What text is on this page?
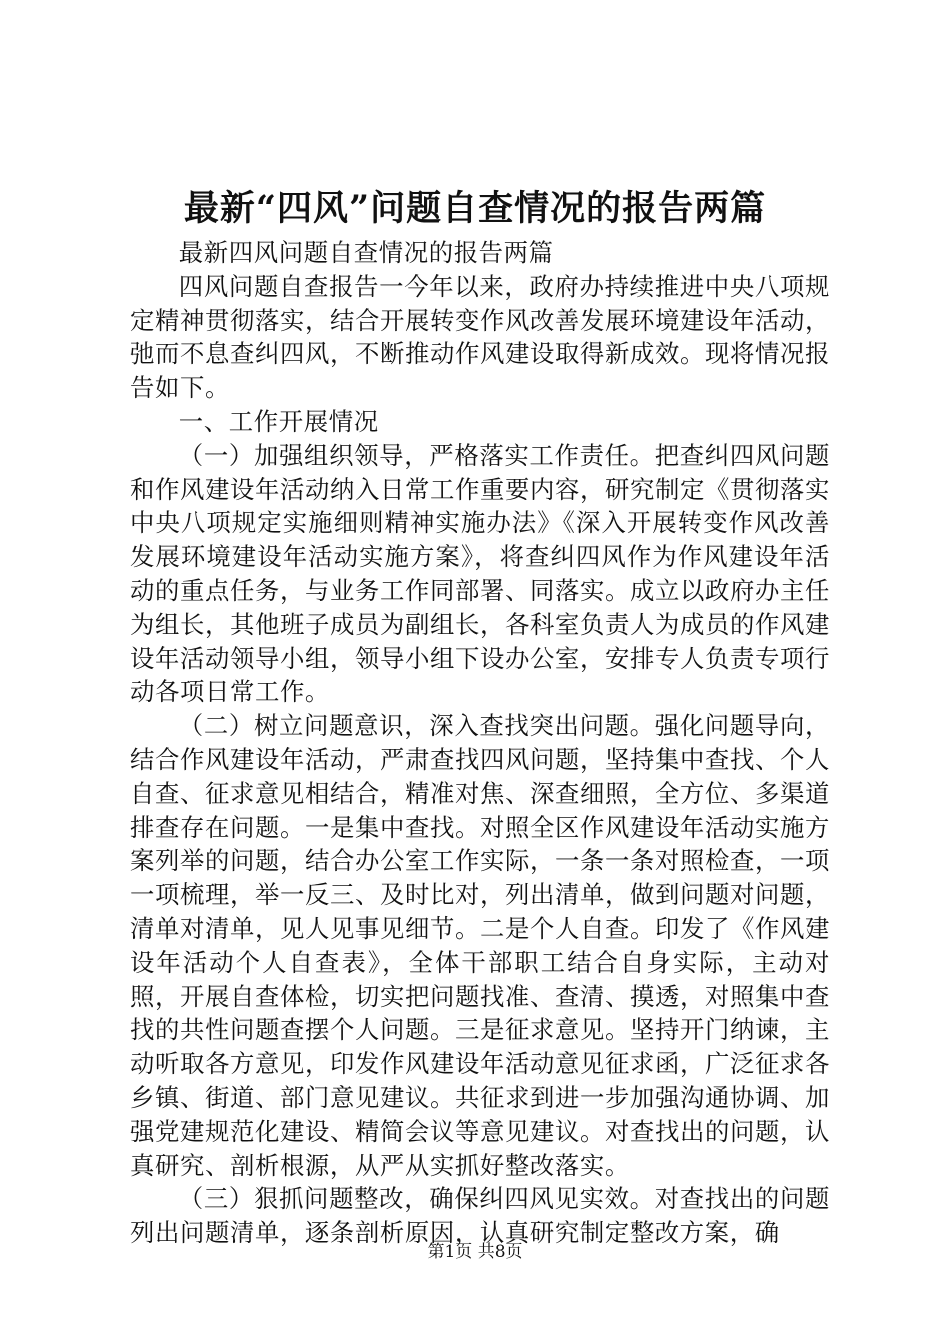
最新“四风”问题自查情况的报告两篇

最新四风问题自查情况的报告两篇

四风问题自查报告一今年以来，政府办持续推进中央八项规定精神贯彻落实，结合开展转变作风改善发展环境建设年活动，弛而不息查纠四风，不断推动作风建设取得新成效。现将情况报告如下。

一、工作开展情况

（一）加强组织领导，严格落实工作责任。把查纠四风问题和作风建设年活动纳入日常工作重要内容，研究制定《贯彻落实中央八项规定实施细则精神实施办法》《深入开展转变作风改善发展环境建设年活动实施方案》，将查纠四风作为作风建设年活动的重点任务，与业务工作同部署、同落实。成立以政府办主任为组长，其他班子成员为副组长，各科室负责人为成员的作风建设年活动领导小组，领导小组下设办公室，安排专人负责专项行动各项日常工作。

（二）树立问题意识，深入查找突出问题。强化问题导向，结合作风建设年活动，严肃查找四风问题，坚持集中查找、个人自查、征求意见相结合，精准对焦、深查细照，全方位、多渠道排查存在问题。一是集中查找。对照全区作风建设年活动实施方案列举的问题，结合办公室工作实际，一条一条对照检查，一项一项梳理，举一反三、及时比对，列出清单，做到问题对问题，清单对清单，见人见事见细节。二是个人自查。印发了《作风建设年活动个人自查表》，全体干部职工结合自身实际，主动对照，开展自查体检，切实把问题找准、查清、摸透，对照集中查找的共性问题查摆个人问题。三是征求意见。坚持开门纳谏，主动听取各方意见，印发作风建设年活动意见征求函，广泛征求各乡镇、街道、部门意见建议。共征求到进一步加强沟通协调、加强党建规范化建设、精简会议等意见建议。对查找出的问题，认真研究、剖析根源，从严从实抓好整改落实。

（三）狠抓问题整改，确保纠四风见实效。对查找出的问题列出问题清单，逐条剖析原因，认真研究制定整改方案，确

第1页 共8页
